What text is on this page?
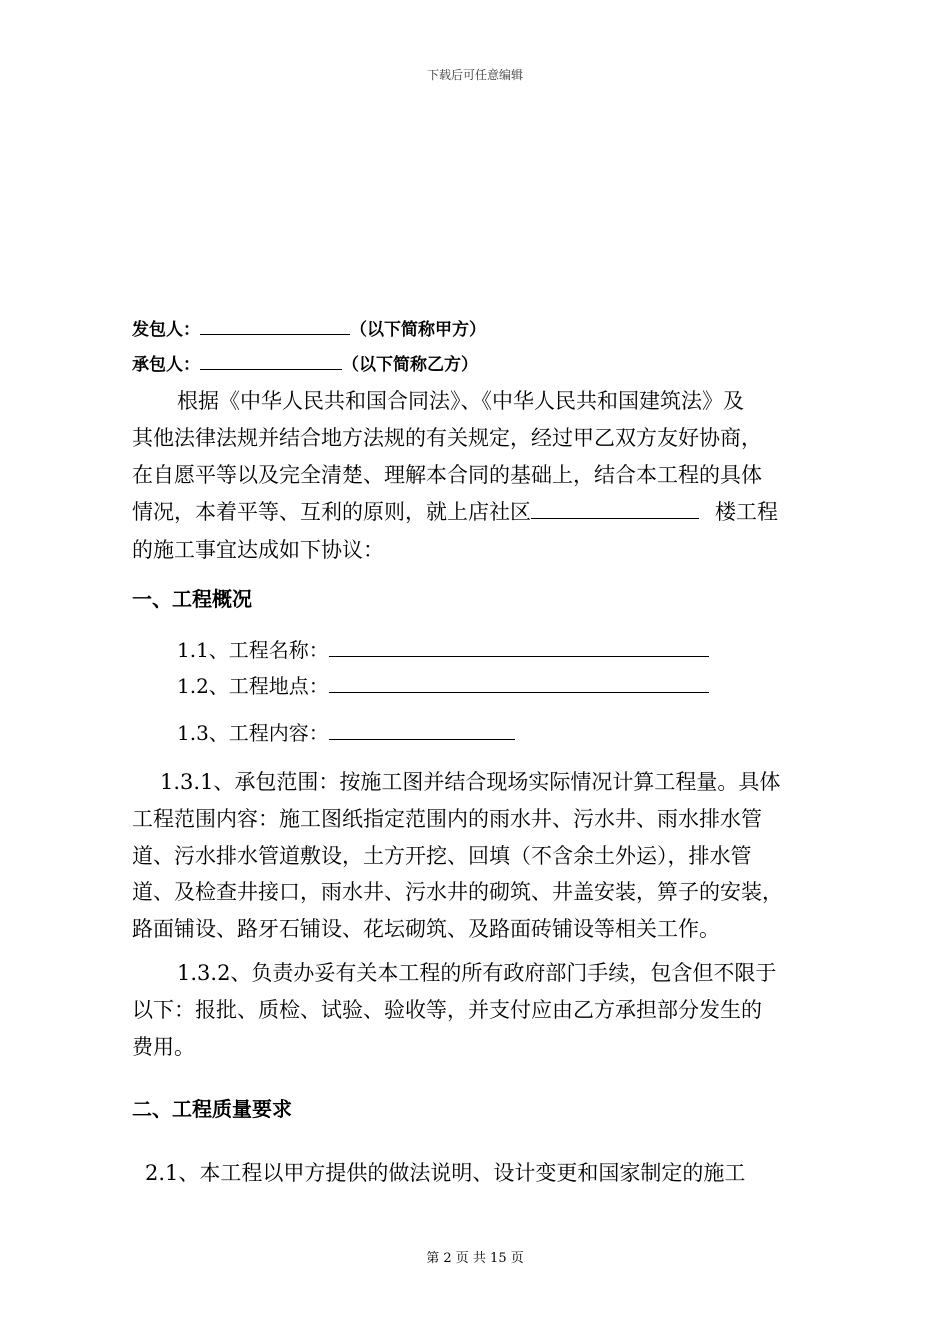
下载后可任意编辑
发包人：	（以下简称甲方）
承包人：	（以下简称乙方）
根据《中华人民共和国合同法》、《中华人民共和国建筑法》及
其他法律法规并结合地方法规的有关规定，经过甲乙双方友好协商，
在自愿平等以及完全清楚、理解本合同的基础上，结合本工程的具体
情况，本着平等、互利的原则，就上店社区	楼工程
的施工事宜达成如下协议：
一、工程概况
1.1、工程名称：
1.2、工程地点：
1.3、工程内容：
1.3.1、承包范围：按施工图并结合现场实际情况计算工程量。具体
工程范围内容：施工图纸指定范围内的雨水井、污水井、雨水排水管
道、污水排水管道敷设，土方开挖、回填（不含余土外运），排水管
道、及检查井接口，雨水井、污水井的砌筑、井盖安装，箅子的安装，
路面铺设、路牙石铺设、花坛砌筑、及路面砖铺设等相关工作。
1.3.2、负责办妥有关本工程的所有政府部门手续，包含但不限于
以下：报批、质检、试验、验收等，并支付应由乙方承担部分发生的
费用。
二、工程质量要求
2.1、本工程以甲方提供的做法说明、设计变更和国家制定的施工
第 2 页 共 15 页
